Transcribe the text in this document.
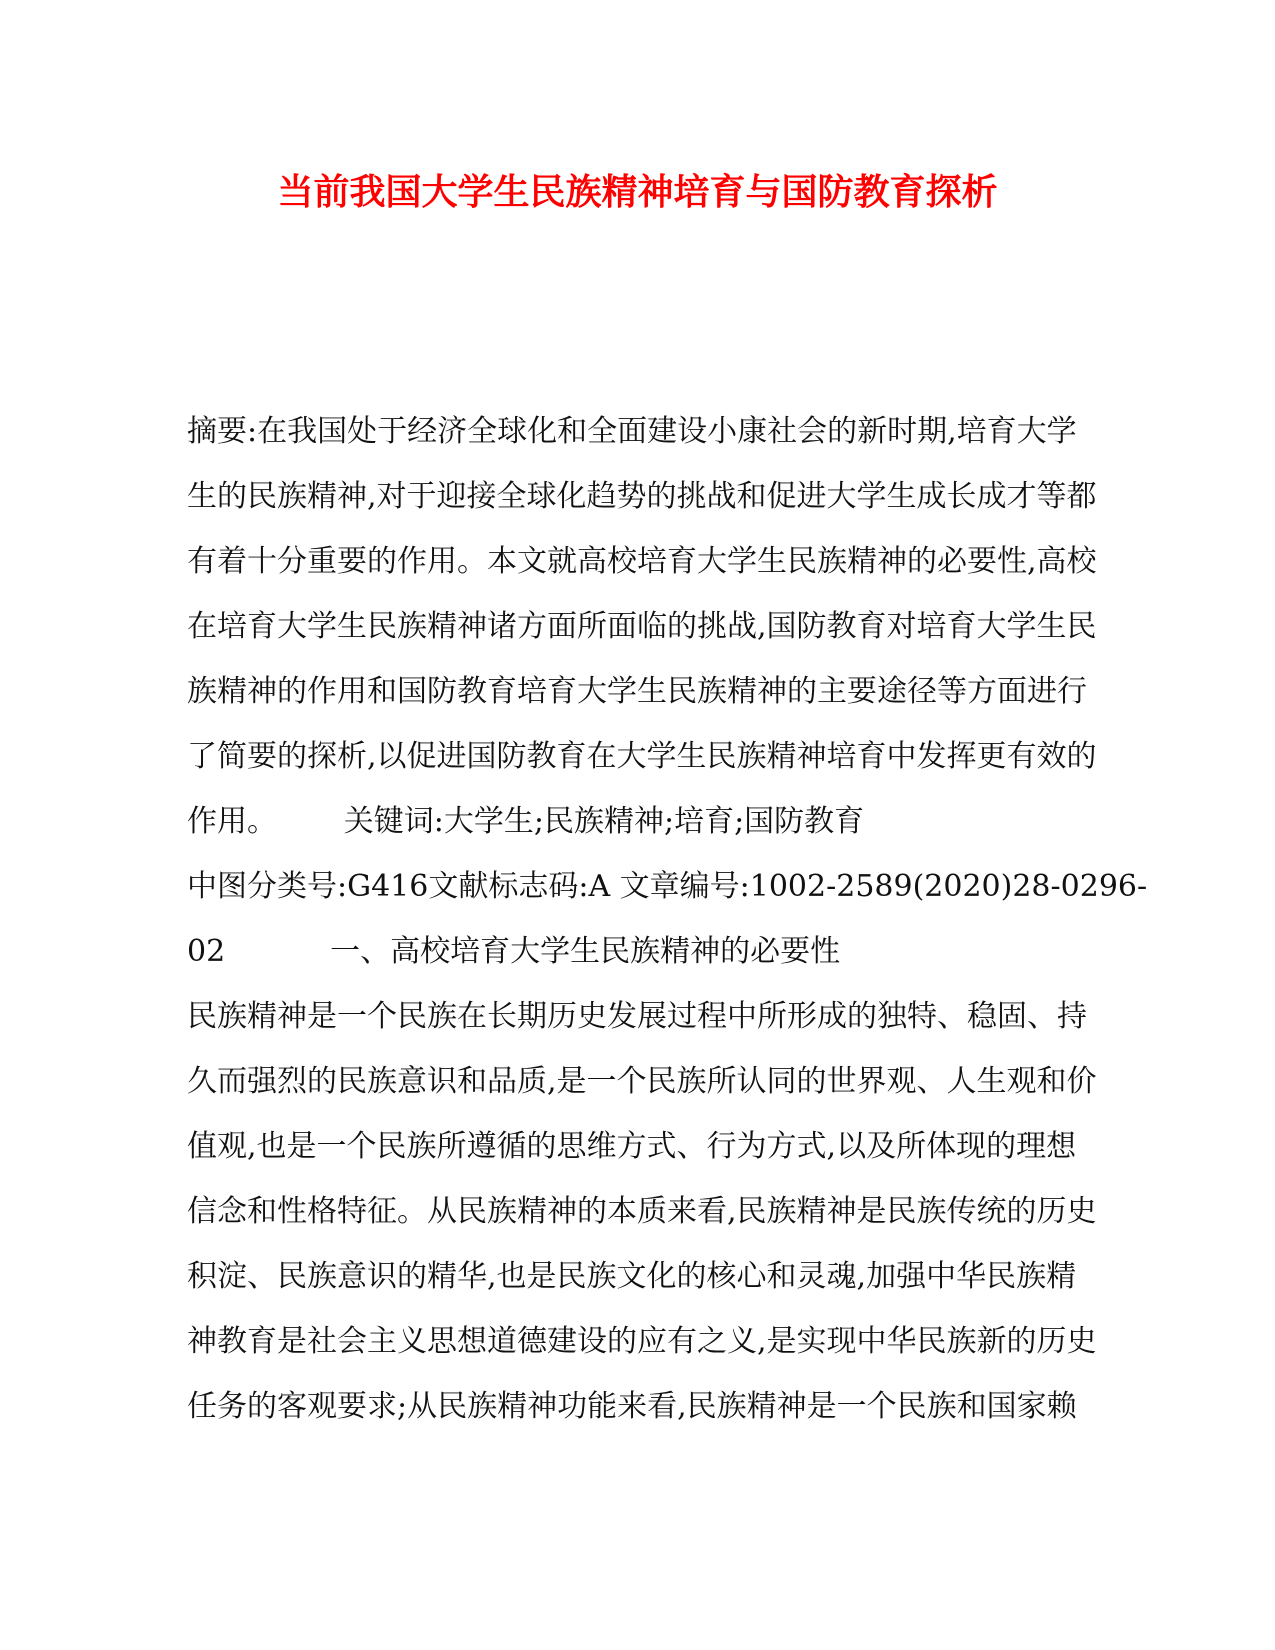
当前我国大学生民族精神培育与国防教育探析
摘要:在我国处于经济全球化和全面建设小康社会的新时期,培育大学
生的民族精神,对于迎接全球化趋势的挑战和促进大学生成长成才等都
有着十分重要的作用。本文就高校培育大学生民族精神的必要性,高校
在培育大学生民族精神诸方面所面临的挑战,国防教育对培育大学生民
族精神的作用和国防教育培育大学生民族精神的主要途径等方面进行
了简要的探析,以促进国防教育在大学生民族精神培育中发挥更有效的
作用。       关键词:大学生;民族精神;培育;国防教育
中图分类号:G416文献标志码:A 文章编号:1002-2589(2020)28-0296-
02           一、高校培育大学生民族精神的必要性
民族精神是一个民族在长期历史发展过程中所形成的独特、稳固、持
久而强烈的民族意识和品质,是一个民族所认同的世界观、人生观和价
值观,也是一个民族所遵循的思维方式、行为方式,以及所体现的理想
信念和性格特征。从民族精神的本质来看,民族精神是民族传统的历史
积淀、民族意识的精华,也是民族文化的核心和灵魂,加强中华民族精
神教育是社会主义思想道德建设的应有之义,是实现中华民族新的历史
任务的客观要求;从民族精神功能来看,民族精神是一个民族和国家赖
